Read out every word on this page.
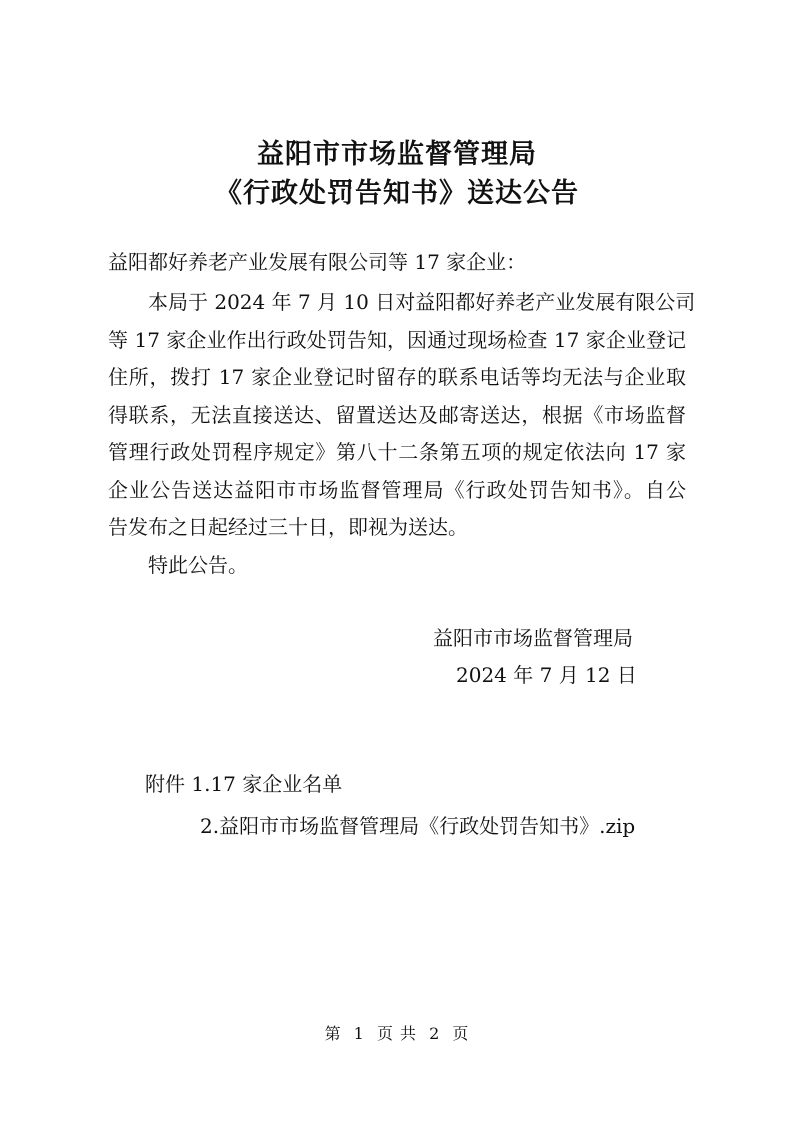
益阳市市场监督管理局
《行政处罚告知书》送达公告

益阳都好养老产业发展有限公司等 17 家企业：

本局于 2024 年 7 月 10 日对益阳都好养老产业发展有限公司

等 17 家企业作出行政处罚告知，因通过现场检查 17 家企业登记

住所，拨打 17 家企业登记时留存的联系电话等均无法与企业取

得联系，无法直接送达、留置送达及邮寄送达，根据《市场监督

管理行政处罚程序规定》第八十二条第五项的规定依法向 17 家

企业公告送达益阳市市场监督管理局《行政处罚告知书》。自公

告发布之日起经过三十日，即视为送达。

特此公告。

益阳市市场监督管理局

2024 年 7 月 12 日

附件 1.17 家企业名单

2.益阳市市场监督管理局《行政处罚告知书》.zip

第 1 页 共 2 页
